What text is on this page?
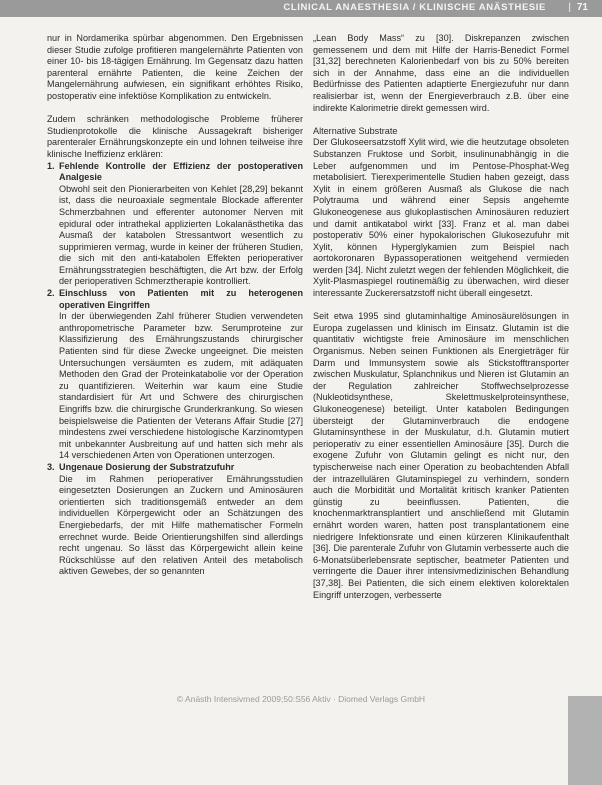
CLINICAL ANAESTHESIA / KLINISCHE ANÄSTHESIE | 71

nur in Nordamerika spürbar abgenommen. Den Ergebnissen dieser Studie zufolge profitieren mangelernährte Patienten von einer 10- bis 18-tägigen Ernährung. Im Gegensatz dazu hatten parenteral ernährte Patienten, die keine Zeichen der Mangelernährung aufwiesen, ein signifikant erhöhtes Risiko, postoperativ eine infektiöse Komplikation zu entwickeln.

Zudem schränken methodologische Probleme früherer Studienprotokolle die klinische Aussagekraft bisheriger parenteraler Ernährungskonzepte ein und lohnen teilweise ihre klinische Ineffizienz erklären:

1. Fehlende Kontrolle der Effizienz der postoperativen Analgesie

Obwohl seit den Pionierarbeiten von Kehlet [28,29] bekannt ist, dass die neuroaxiale segmentale Blockade afferenter Schmerzbahnen und efferenter autonomer Nerven mit epidural oder intrathekal applizierten Lokalanästhetika das Ausmaß der katabolen Stressantwort wesentlich zu supprimieren vermag, wurde in keiner der früheren Studien, die sich mit den anti-katabolen Effekten perioperativer Ernährungsstrategien beschäftigten, die Art bzw. der Erfolg der perioperativen Schmerztherapie kontrolliert.

2. Einschluss von Patienten mit zu heterogenen operativen Eingriffen

In der überwiegenden Zahl früherer Studien verwendeten anthropometrische Parameter bzw. Serumproteine zur Klassifizierung des Ernährungszustands chirurgischer Patienten sind für diese Zwecke ungeeignet. Die meisten Untersuchungen versäumten es zudem, mit adäquaten Methoden den Grad der Proteinkatabolie vor der Operation zu quantifizieren. Weiterhin war kaum eine Studie standardisiert für Art und Schwere des chirurgischen Eingriffs bzw. die chirurgische Grunderkrankung. So wiesen beispielsweise die Patienten der Veterans Affair Studie [27] mindestens zwei verschiedene histologische Karzinomtypen mit unbekannter Ausbreitung auf und hatten sich mehr als 14 verschiedenen Arten von Operationen unterzogen.

3. Ungenaue Dosierung der Substratzufuhr

Die im Rahmen perioperativer Ernährungsstudien eingesetzten Dosierungen an Zuckern und Aminosäuren orientierten sich traditionsgemäß entweder an dem individuellen Körpergewicht oder an Schätzungen des Energiebedarfs, der mit Hilfe mathematischer Formeln errechnet wurde. Beide Orientierungshilfen sind allerdings recht ungenau. So lässt das Körpergewicht allein keine Rückschlüsse auf den relativen Anteil des metabolisch aktiven Gewebes, der so genannten

„Lean Body Mass“ zu [30]. Diskrepanzen zwischen gemessenem und dem mit Hilfe der Harris-Benedict Formel [31,32] berechneten Kalorienbedarf von bis zu 50% bereiten sich in der Annahme, dass eine an die individuellen Bedürfnisse des Patienten adaptierte Energiezufuhr nur dann realisierbar ist, wenn der Energieverbrauch z.B. über eine indirekte Kalorimetrie direkt gemessen wird.

Alternative Substrate

Der Glukoseersatzstoff Xylit wird, wie die heutzutage obsoleten Substanzen Fruktose und Sorbit, insulinunabhängig in die Leber aufgenommen und im Pentose-Phosphat-Weg metabolisiert. Tierexperimentelle Studien haben gezeigt, dass Xylit in einem größeren Ausmaß als Glukose die nach Polytrauma und während einer Sepsis angehemte Glukoneogenese aus glukoplastischen Aminosäuren reduziert und damit antikatabol wirkt [33]. Franz et al. man dabei postoperativ 50% einer hypokalorischen Glukosezufuhr mit Xylit, können Hyperglykamien zum Beispiel nach aortokoronaren Bypassoperationen weitgehend vermieden werden [34]. Nicht zuletzt wegen der fehlenden Möglichkeit, die Xylit-Plasmaspiegel routinemäßig zu überwachen, wird dieser interessante Zuckerersatzstoff nicht überall eingesetzt.

Seit etwa 1995 sind glutaminhaltige Aminosäurelösungen in Europa zugelassen und klinisch im Einsatz. Glutamin ist die quantitativ wichtigste freie Aminosäure im menschlichen Organismus. Neben seinen Funktionen als Energieträger für Darm und Immunsystem sowie als Stickstofftransporter zwischen Muskulatur, Splanchnikus und Nieren ist Glutamin an der Regulation zahlreicher Stoffwechselprozesse (Nukleotidsynthese, Skelettmuskelproteinsynthese, Glukoneogenese) beteiligt. Unter katabolen Bedingungen übersteigt der Glutaminverbrauch die endogene Glutaminsynthese in der Muskulatur, d.h. Glutamin mutiert perioperativ zu einer essentiellen Aminosäure [35]. Durch die exogene Zufuhr von Glutamin gelingt es nicht nur, den typischerweise nach einer Operation zu beobachtenden Abfall der intrazellulären Glutaminspiegel zu verhindern, sondern auch die Morbidität und Mortalität kritisch kranker Patienten günstig zu beeinflussen. Patienten, die knochenmarktransplantiert und anschließend mit Glutamin ernährt worden waren, hatten post transplantationem eine niedrigere Infektionsrate und einen kürzeren Klinikaufenthalt [36]. Die parenterale Zufuhr von Glutamin verbesserte auch die 6-Monatsüberlebensrate septischer, beatmeter Patienten und verringerte die Dauer ihrer intensivmedizinischen Behandlung [37,38]. Bei Patienten, die sich einem elektiven kolorektalen Eingriff unterzogen, verbesserte

© Anästh Intensivmed 2009;50:S56 Aktiv · Diomed Verlags GmbH
